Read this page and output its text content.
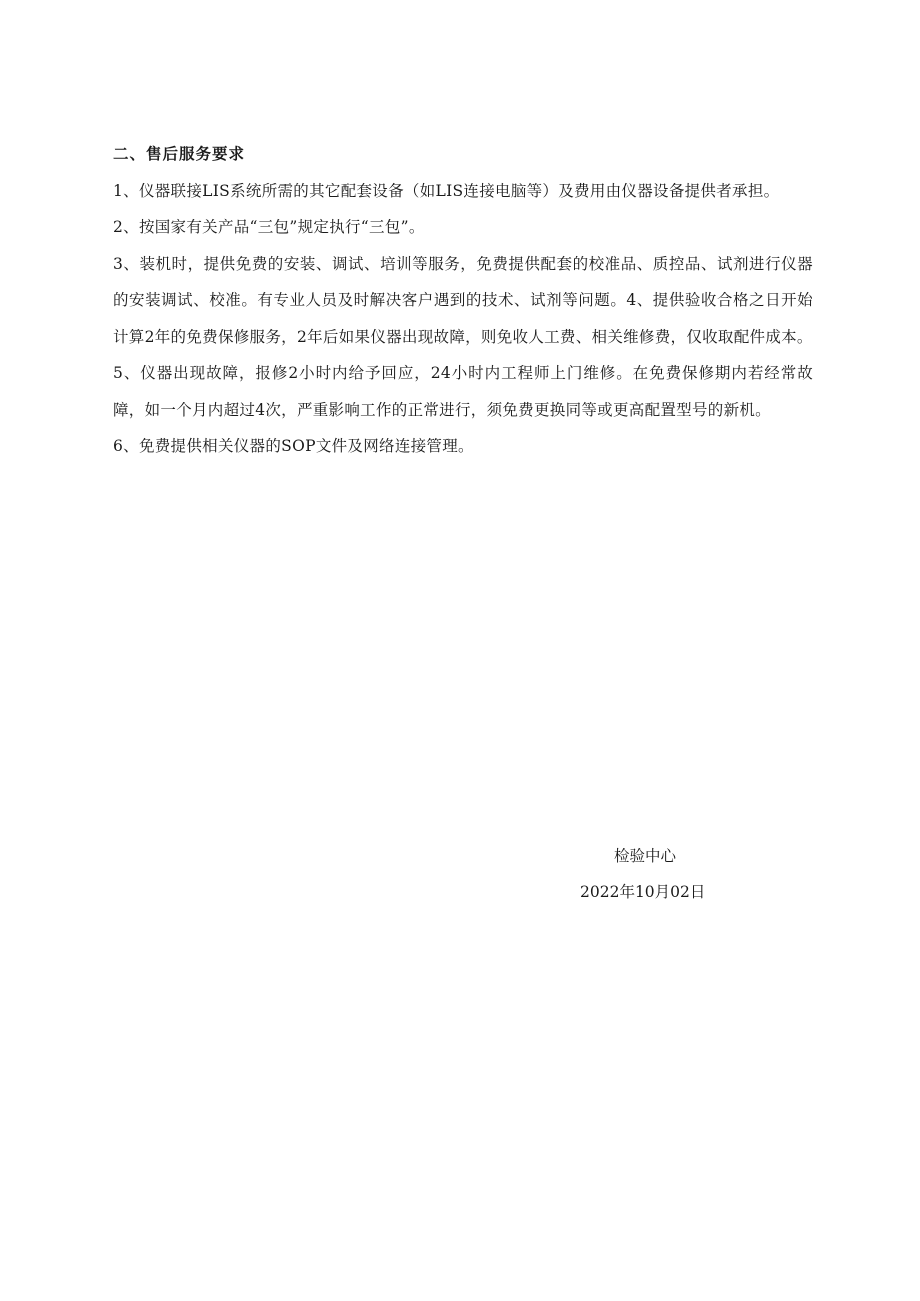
二、售后服务要求

1、仪器联接LIS系统所需的其它配套设备（如LIS连接电脑等）及费用由仪器设备提供者承担。

2、按国家有关产品“三包”规定执行“三包”。

3、装机时，提供免费的安装、调试、培训等服务，免费提供配套的校准品、质控品、试剂进行仪器的安装调试、校准。有专业人员及时解决客户遇到的技术、试剂等问题。4、提供验收合格之日开始计算2年的免费保修服务，2年后如果仪器出现故障，则免收人工费、相关维修费，仅收取配件成本。

5、仪器出现故障，报修2小时内给予回应，24小时内工程师上门维修。在免费保修期内若经常故障，如一个月内超过4次，严重影响工作的正常进行，须免费更换同等或更高配置型号的新机。

6、免费提供相关仪器的SOP文件及网络连接管理。

检验中心
2022年10月02日
